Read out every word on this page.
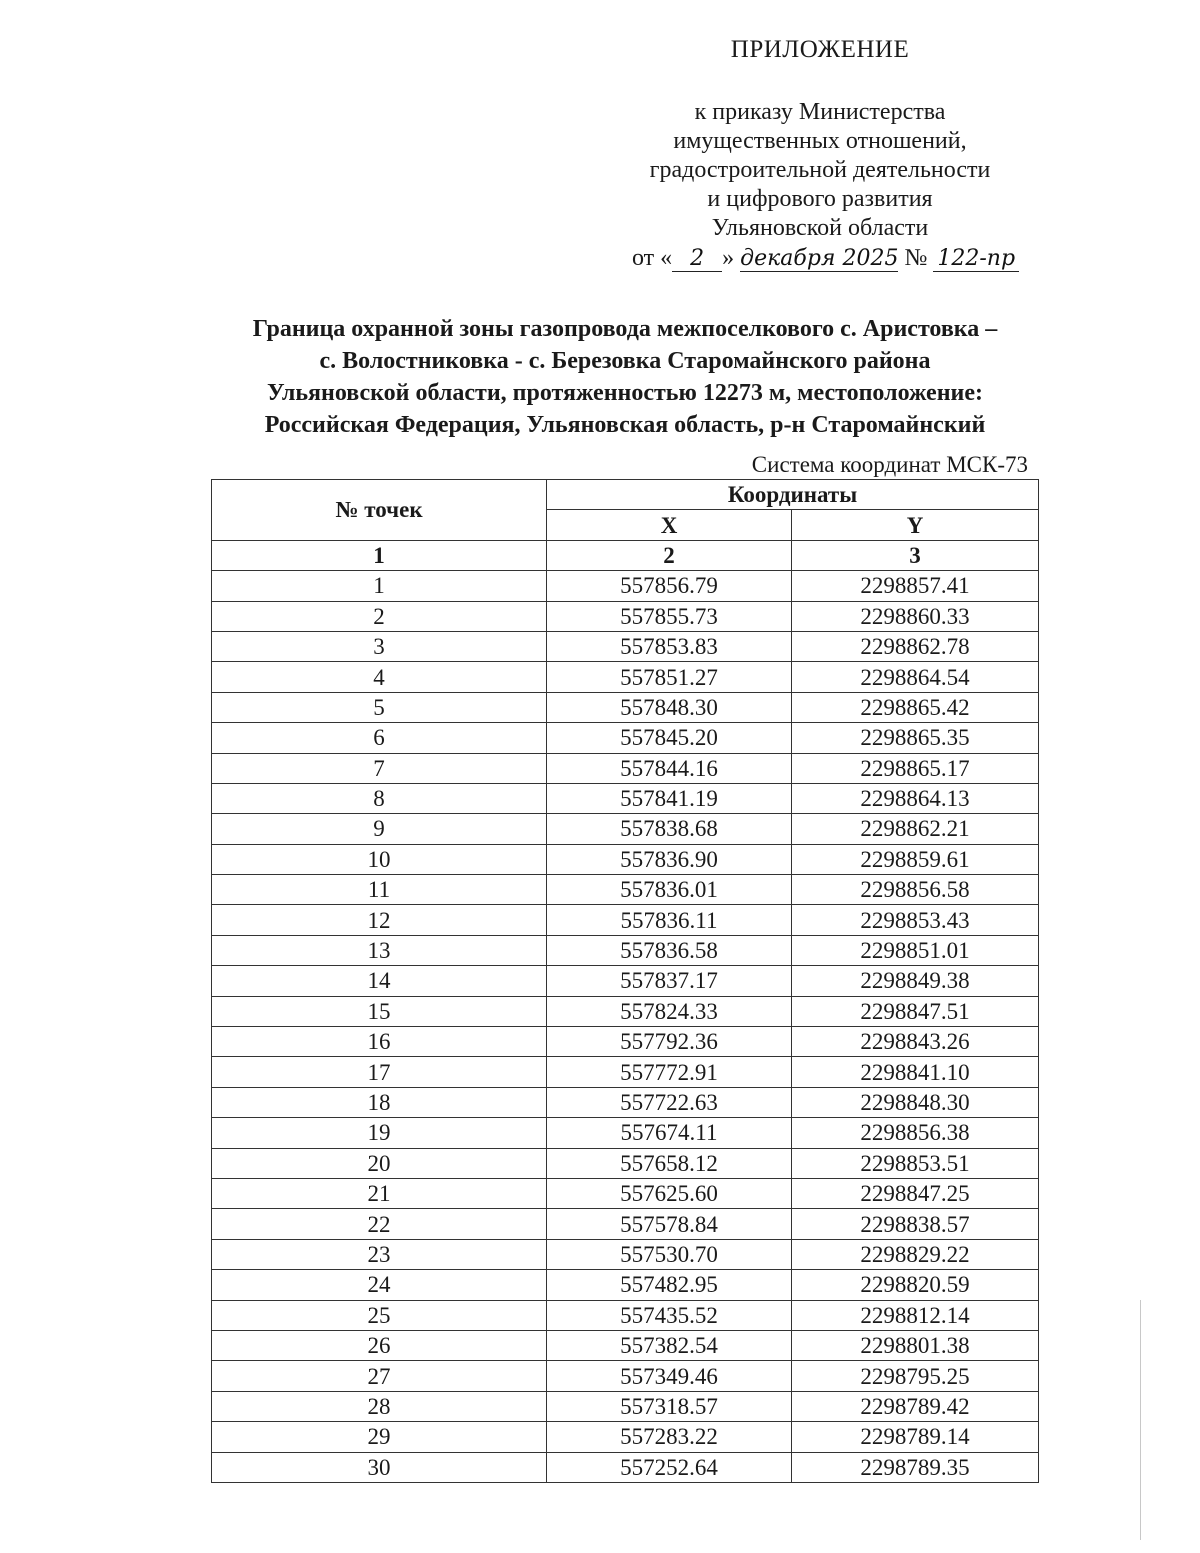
ПРИЛОЖЕНИЕ
к приказу Министерства
имущественных отношений,
градостроительной деятельности
и цифрового развития
Ульяновской области
от « 2 » декабря 2025 № 122-пр
Граница охранной зоны газопровода межпоселкового с. Аристовка –
с. Волостниковка - с. Березовка Старомайнского района
Ульяновской области, протяженностью 12273 м, местоположение:
Российская Федерация, Ульяновская область, р-н Старомайнский
Система координат МСК-73
№ точек	Координаты	
	X	Y
1	2	3
1	557856.79	2298857.41
2	557855.73	2298860.33
3	557853.83	2298862.78
4	557851.27	2298864.54
5	557848.30	2298865.42
6	557845.20	2298865.35
7	557844.16	2298865.17
8	557841.19	2298864.13
9	557838.68	2298862.21
10	557836.90	2298859.61
11	557836.01	2298856.58
12	557836.11	2298853.43
13	557836.58	2298851.01
14	557837.17	2298849.38
15	557824.33	2298847.51
16	557792.36	2298843.26
17	557772.91	2298841.10
18	557722.63	2298848.30
19	557674.11	2298856.38
20	557658.12	2298853.51
21	557625.60	2298847.25
22	557578.84	2298838.57
23	557530.70	2298829.22
24	557482.95	2298820.59
25	557435.52	2298812.14
26	557382.54	2298801.38
27	557349.46	2298795.25
28	557318.57	2298789.42
29	557283.22	2298789.14
30	557252.64	2298789.35
